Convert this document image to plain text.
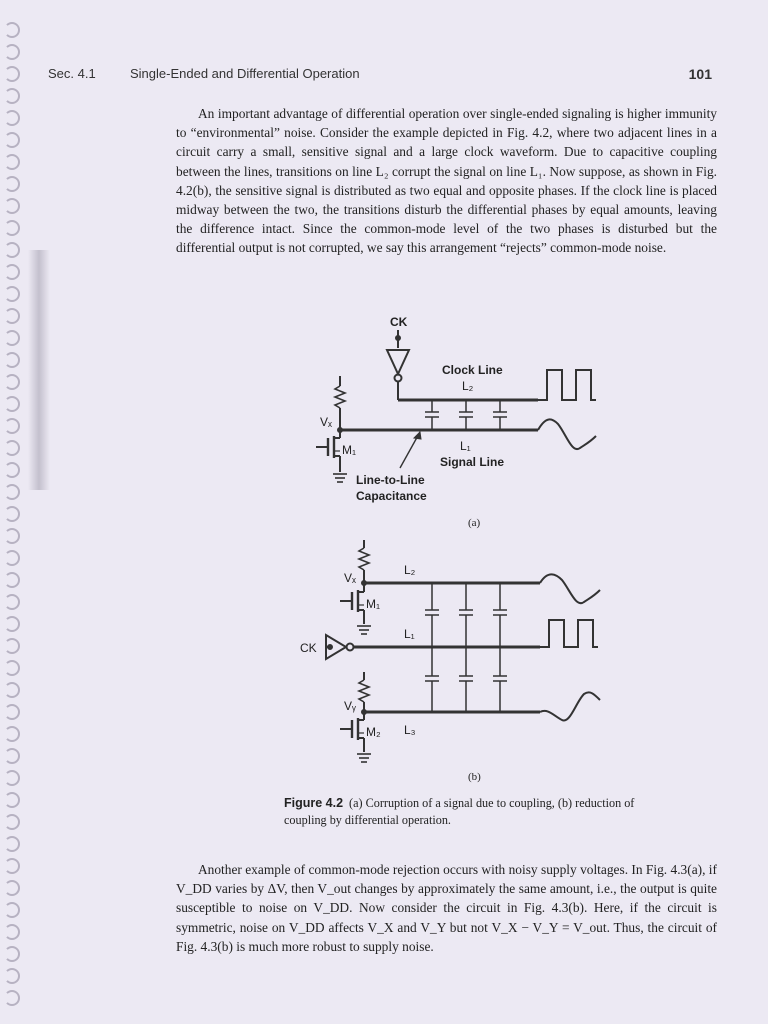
Sec. 4.1	Single-Ended and Differential Operation	101

An important advantage of differential operation over single-ended signaling is higher immunity to “environmental” noise. Consider the example depicted in Fig. 4.2, where two adjacent lines in a circuit carry a small, sensitive signal and a large clock waveform. Due to capacitive coupling between the lines, transitions on line L₂ corrupt the signal on line L₁. Now suppose, as shown in Fig. 4.2(b), the sensitive signal is distributed as two equal and opposite phases. If the clock line is placed midway between the two, the transitions disturb the differential phases by equal amounts, leaving the difference intact. Since the common-mode level of the two phases is disturbed but the differential output is not corrupted, we say this arrangement “rejects” common-mode noise.

CK
Clock Line
L₂
Vₓ
M₁	L₁
Signal Line
Line-to-Line
Capacitance
(a)
Vₓ
L₂
M₁
CK
L₁
Vᵧ
M₂ L₃
(b)
Figure 4.2 (a) Corruption of a signal due to coupling, (b) reduction of coupling by differential operation.

Another example of common-mode rejection occurs with noisy supply voltages. In Fig. 4.3(a), if V_DD varies by ΔV, then V_out changes by approximately the same amount, i.e., the output is quite susceptible to noise on V_DD. Now consider the circuit in Fig. 4.3(b). Here, if the circuit is symmetric, noise on V_DD affects V_X and V_Y but not V_X − V_Y = V_out. Thus, the circuit of Fig. 4.3(b) is much more robust to supply noise.
